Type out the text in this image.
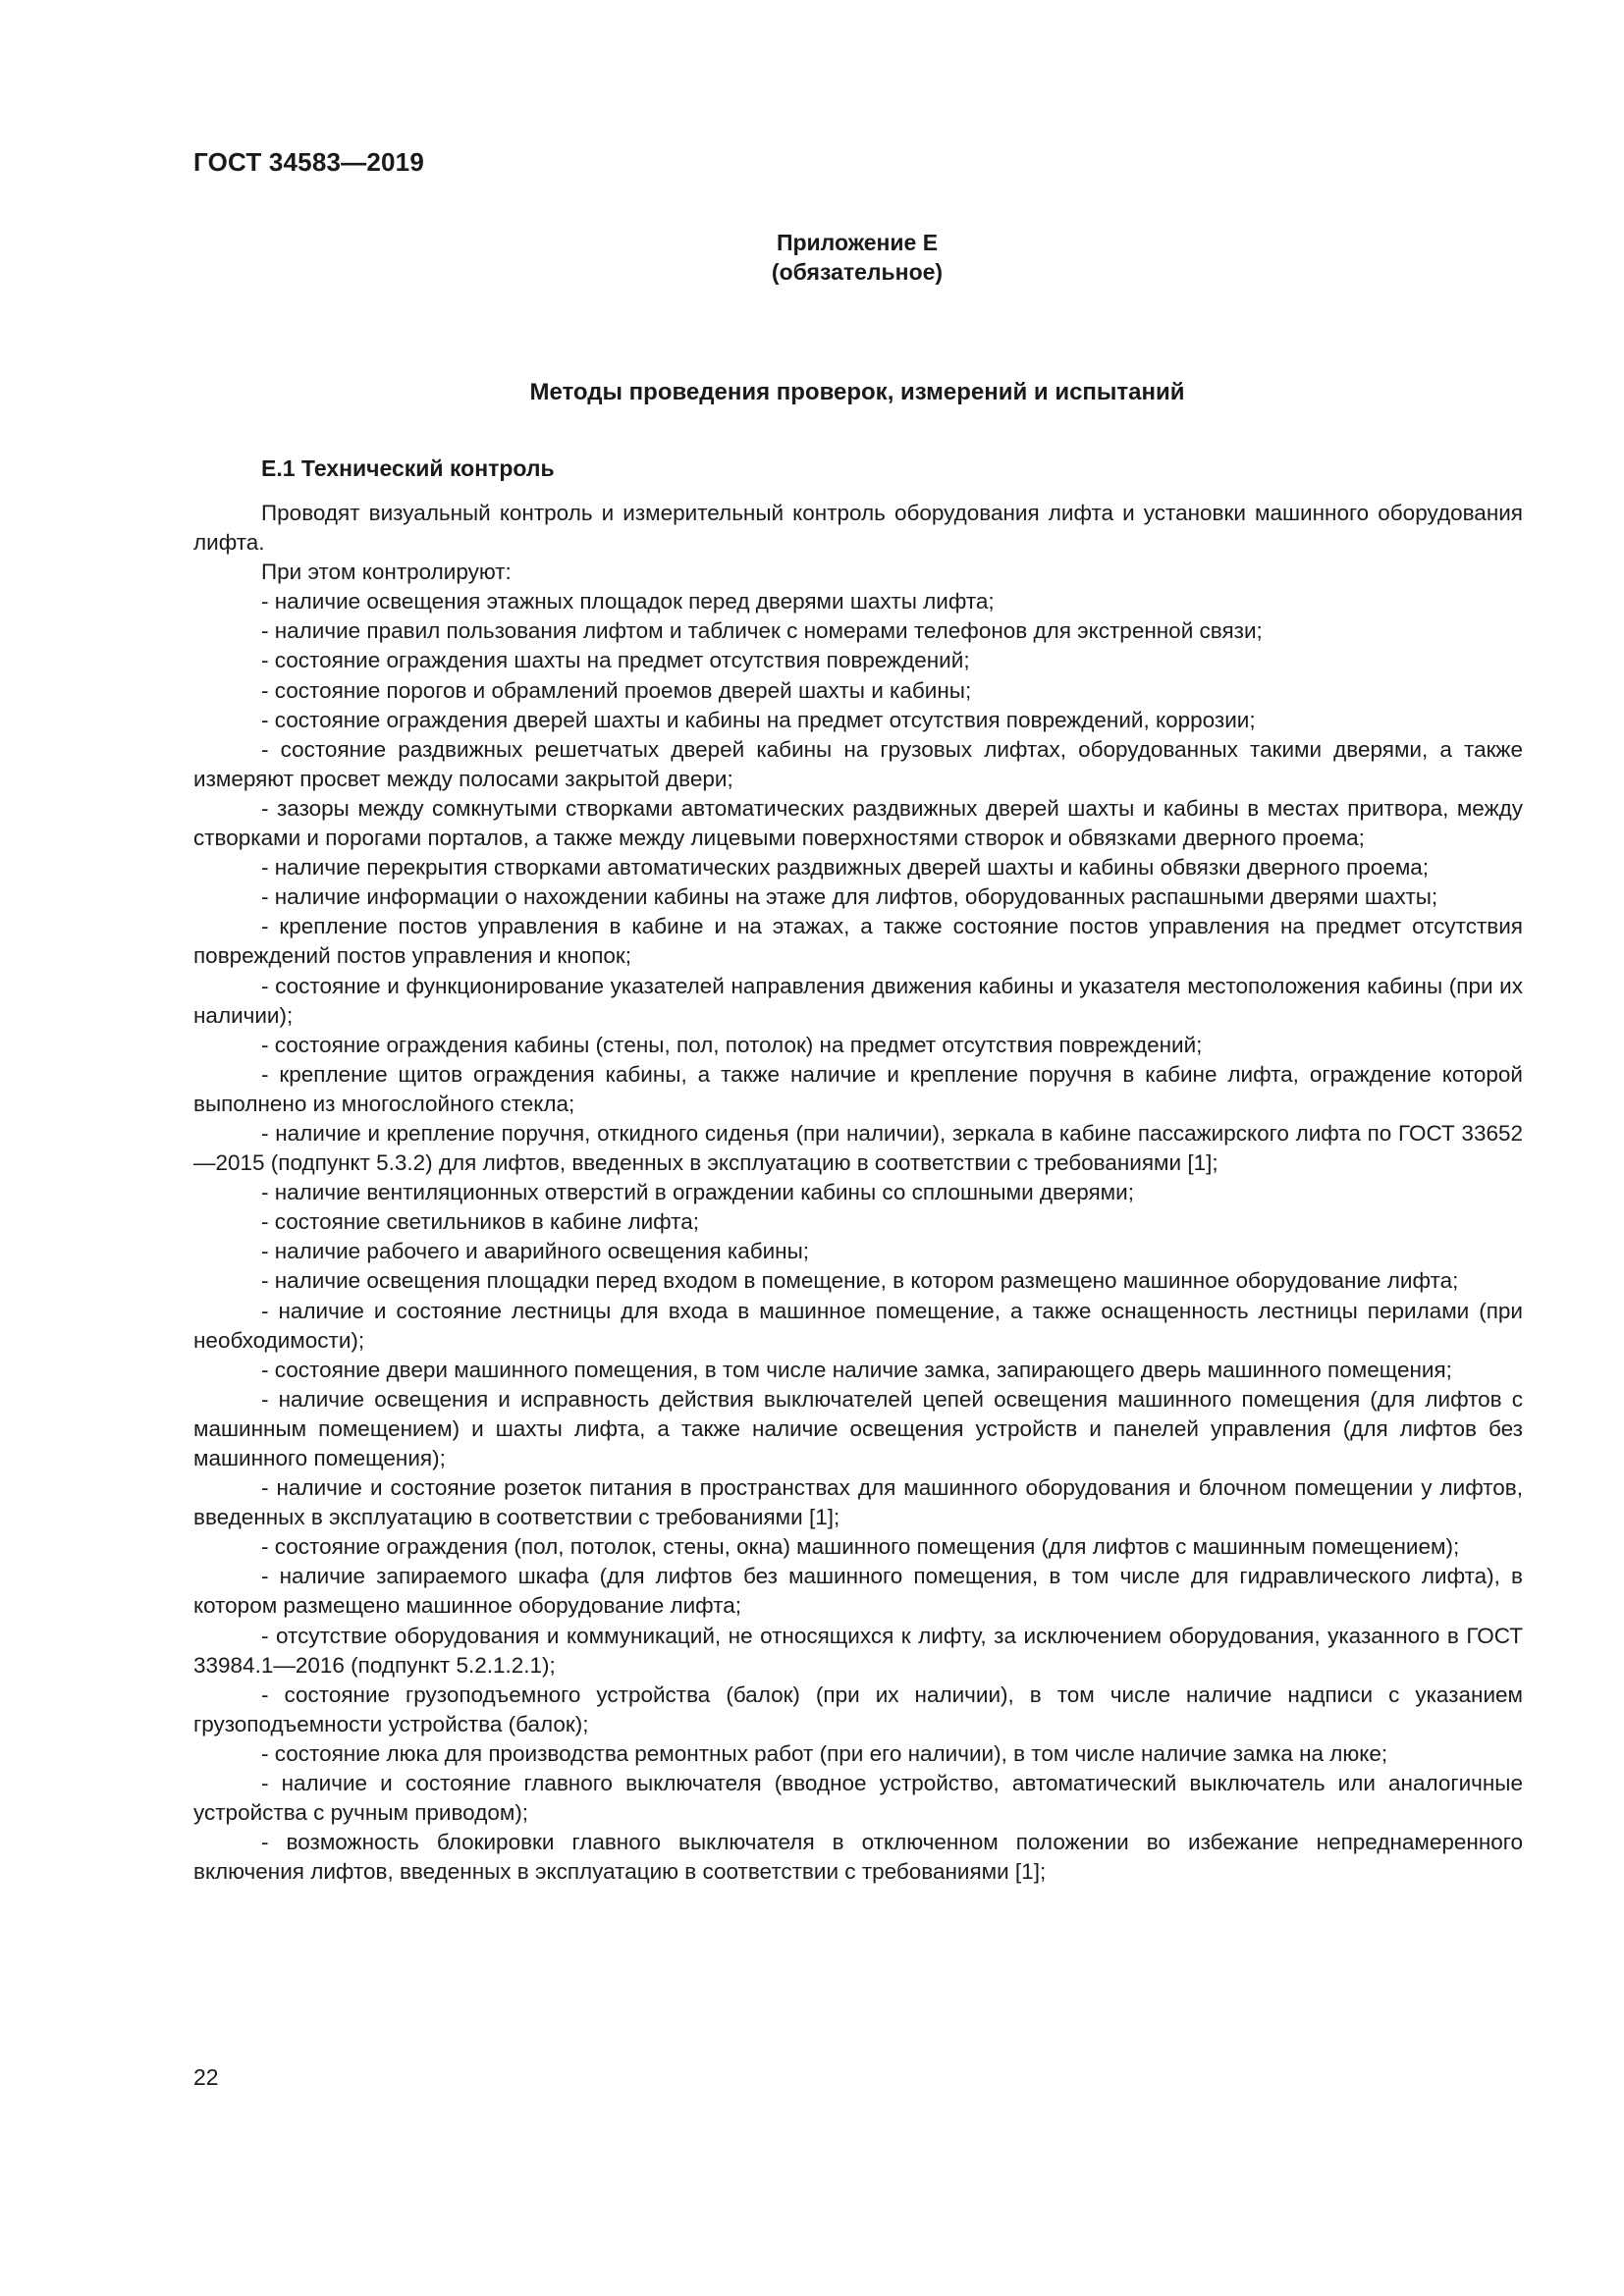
ГОСТ 34583—2019
Приложение Е
(обязательное)
Методы проведения проверок, измерений и испытаний
Е.1 Технический контроль

Проводят визуальный контроль и измерительный контроль оборудования лифта и установки машинного оборудования лифта.

При этом контролируют:

- наличие освещения этажных площадок перед дверями шахты лифта;

- наличие правил пользования лифтом и табличек с номерами телефонов для экстренной связи;

- состояние ограждения шахты на предмет отсутствия повреждений;

- состояние порогов и обрамлений проемов дверей шахты и кабины;

- состояние ограждения дверей шахты и кабины на предмет отсутствия повреждений, коррозии;

- состояние раздвижных решетчатых дверей кабины на грузовых лифтах, оборудованных такими дверями, а также измеряют просвет между полосами закрытой двери;

- зазоры между сомкнутыми створками автоматических раздвижных дверей шахты и кабины в местах притвора, между створками и порогами порталов, а также между лицевыми поверхностями створок и обвязками дверного проема;

- наличие перекрытия створками автоматических раздвижных дверей шахты и кабины обвязки дверного проема;

- наличие информации о нахождении кабины на этаже для лифтов, оборудованных распашными дверями шахты;

- крепление постов управления в кабине и на этажах, а также состояние постов управления на предмет отсутствия повреждений постов управления и кнопок;

- состояние и функционирование указателей направления движения кабины и указателя местоположения кабины (при их наличии);

- состояние ограждения кабины (стены, пол, потолок) на предмет отсутствия повреждений;

- крепление щитов ограждения кабины, а также наличие и крепление поручня в кабине лифта, ограждение которой выполнено из многослойного стекла;

- наличие и крепление поручня, откидного сиденья (при наличии), зеркала в кабине пассажирского лифта по ГОСТ 33652—2015 (подпункт 5.3.2) для лифтов, введенных в эксплуатацию в соответствии с требованиями [1];

- наличие вентиляционных отверстий в ограждении кабины со сплошными дверями;

- состояние светильников в кабине лифта;

- наличие рабочего и аварийного освещения кабины;

- наличие освещения площадки перед входом в помещение, в котором размещено машинное оборудование лифта;

- наличие и состояние лестницы для входа в машинное помещение, а также оснащенность лестницы перилами (при необходимости);

- состояние двери машинного помещения, в том числе наличие замка, запирающего дверь машинного помещения;

- наличие освещения и исправность действия выключателей цепей освещения машинного помещения (для лифтов с машинным помещением) и шахты лифта, а также наличие освещения устройств и панелей управления (для лифтов без машинного помещения);

- наличие и состояние розеток питания в пространствах для машинного оборудования и блочном помещении у лифтов, введенных в эксплуатацию в соответствии с требованиями [1];

- состояние ограждения (пол, потолок, стены, окна) машинного помещения (для лифтов с машинным помещением);

- наличие запираемого шкафа (для лифтов без машинного помещения, в том числе для гидравлического лифта), в котором размещено машинное оборудование лифта;

- отсутствие оборудования и коммуникаций, не относящихся к лифту, за исключением оборудования, указанного в ГОСТ 33984.1—2016 (подпункт 5.2.1.2.1);

- состояние грузоподъемного устройства (балок) (при их наличии), в том числе наличие надписи с указанием грузоподъемности устройства (балок);

- состояние люка для производства ремонтных работ (при его наличии), в том числе наличие замка на люке;

- наличие и состояние главного выключателя (вводное устройство, автоматический выключатель или аналогичные устройства с ручным приводом);

- возможность блокировки главного выключателя в отключенном положении во избежание непреднамеренного включения лифтов, введенных в эксплуатацию в соответствии с требованиями [1];

22
